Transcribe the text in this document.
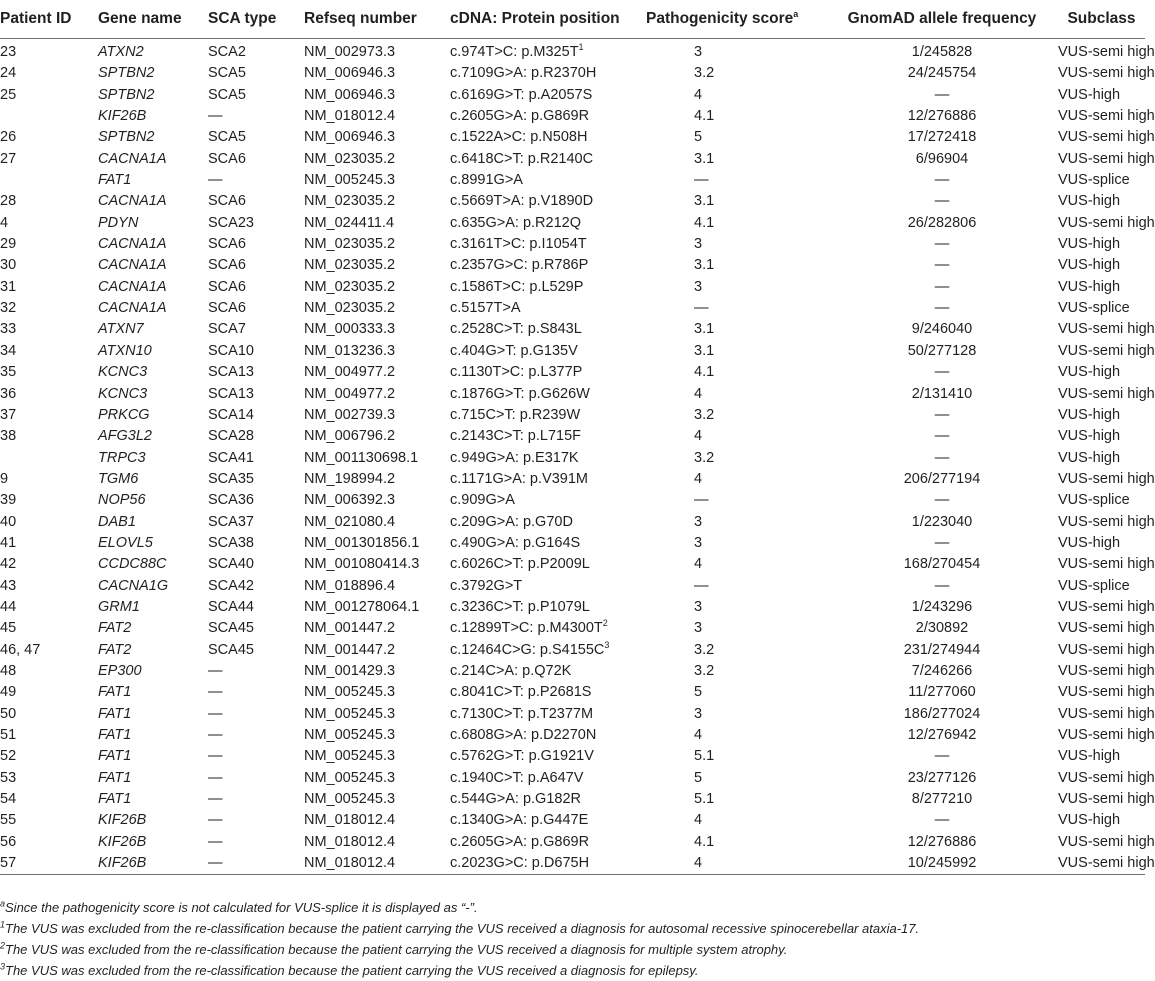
Patient ID	Gene name	SCA type	Refseq number	cDNA: Protein position	Pathogenicity score$^a$	GnomAD allele frequency	Subclass
23	ATXN2	SCA2	NM_002973.3	c.974T>C: $p.M325T^1$	3	1/245828	VUS-semi high
24	SPTBN2	SCA5	NM_006946.3	c.7109G>A: p.R2370H	3.2	24/245754	VUS-semi high
25	SPTBN2	SCA5	NM_006946.3	c.6169G>T: p.A2057S	4	—	VUS-high
	KIF26B	—	NM_018012.4	c.2605G>A: p.G869R	4.1	12/276886	VUS-semi high
26	SPTBN2	SCA5	NM_006946.3	c.1522A>C: p.N508H	5	17/272418	VUS-semi high
27	CACNA1A	SCA6	NM_023035.2	c.6418C>T: p.R2140C	3.1	6/96904	VUS-semi high
	FAT1	—	NM_005245.3	c.8991G>A	—	—	VUS-splice
28	CACNA1A	SCA6	NM_023035.2	c.5669T>A: p.V1890D	3.1	—	VUS-high
4	PDYN	SCA23	NM_024411.4	c.635G>A: p.R212Q	4.1	26/282806	VUS-semi high
29	CACNA1A	SCA6	NM_023035.2	c.3161T>C: p.I1054T	3	—	VUS-high
30	CACNA1A	SCA6	NM_023035.2	c.2357G>C: p.R786P	3.1	—	VUS-high
31	CACNA1A	SCA6	NM_023035.2	c.1586T>C: p.L529P	3	—	VUS-high
32	CACNA1A	SCA6	NM_023035.2	c.5157T>A	—	—	VUS-splice
33	ATXN7	SCA7	NM_000333.3	c.2528C>T: p.S843L	3.1	9/246040	VUS-semi high
34	ATXN10	SCA10	NM_013236.3	c.404G>T: p.G135V	3.1	50/277128	VUS-semi high
35	KCNC3	SCA13	NM_004977.2	c.1130T>C: p.L377P	4.1	—	VUS-high
36	KCNC3	SCA13	NM_004977.2	c.1876G>T: p.G626W	4	2/131410	VUS-semi high
37	PRKCG	SCA14	NM_002739.3	c.715C>T: p.R239W	3.2	—	VUS-high
38	AFG3L2	SCA28	NM_006796.2	c.2143C>T: p.L715F	4	—	VUS-high
	TRPC3	SCA41	NM_001130698.1	c.949G>A: p.E317K	3.2	—	VUS-high
9	TGM6	SCA35	NM_198994.2	c.1171G>A: p.V391M	4	206/277194	VUS-semi high
39	NOP56	SCA36	NM_006392.3	c.909G>A	—	—	VUS-splice
40	DAB1	SCA37	NM_021080.4	c.209G>A: p.G70D	3	1/223040	VUS-semi high
41	ELOVL5	SCA38	NM_001301856.1	c.490G>A: p.G164S	3	—	VUS-high
42	CCDC88C	SCA40	NM_001080414.3	c.6026C>T: p.P2009L	4	168/270454	VUS-semi high
43	CACNA1G	SCA42	NM_018896.4	c.3792G>T	—	—	VUS-splice
44	GRM1	SCA44	NM_001278064.1	c.3236C>T: p.P1079L	3	1/243296	VUS-semi high
45	FAT2	SCA45	NM_001447.2	c.12899T>C: $p.M4300T^2$	3	2/30892	VUS-semi high
46, 47	FAT2	SCA45	NM_001447.2	c.12464C>G: $p.S4155C^3$	3.2	231/274944	VUS-semi high
48	EP300	—	NM_001429.3	c.214C>A: p.Q72K	3.2	7/246266	VUS-semi high
49	FAT1	—	NM_005245.3	c.8041C>T: p.P2681S	5	11/277060	VUS-semi high
50	FAT1	—	NM_005245.3	c.7130C>T: p.T2377M	3	186/277024	VUS-semi high
51	FAT1	—	NM_005245.3	c.6808G>A: p.D2270N	4	12/276942	VUS-semi high
52	FAT1	—	NM_005245.3	c.5762G>T: p.G1921V	5.1	—	VUS-high
53	FAT1	—	NM_005245.3	c.1940C>T: p.A647V	5	23/277126	VUS-semi high
54	FAT1	—	NM_005245.3	c.544G>A: p.G182R	5.1	8/277210	VUS-semi high
55	KIF26B	—	NM_018012.4	c.1340G>A: p.G447E	4	—	VUS-high
56	KIF26B	—	NM_018012.4	c.2605G>A: p.G869R	4.1	12/276886	VUS-semi high
57	KIF26B	—	NM_018012.4	c.2023G>C: p.D675H	4	10/245992	VUS-semi high
$^a$Since the pathogenicity score is not calculated for VUS-splice it is displayed as “-”.
$^1$The VUS was excluded from the re-classification because the patient carrying the VUS received a diagnosis for autosomal recessive spinocerebellar ataxia-17.
$^2$The VUS was excluded from the re-classification because the patient carrying the VUS received a diagnosis for multiple system atrophy.
$^3$The VUS was excluded from the re-classification because the patient carrying the VUS received a diagnosis for epilepsy.
